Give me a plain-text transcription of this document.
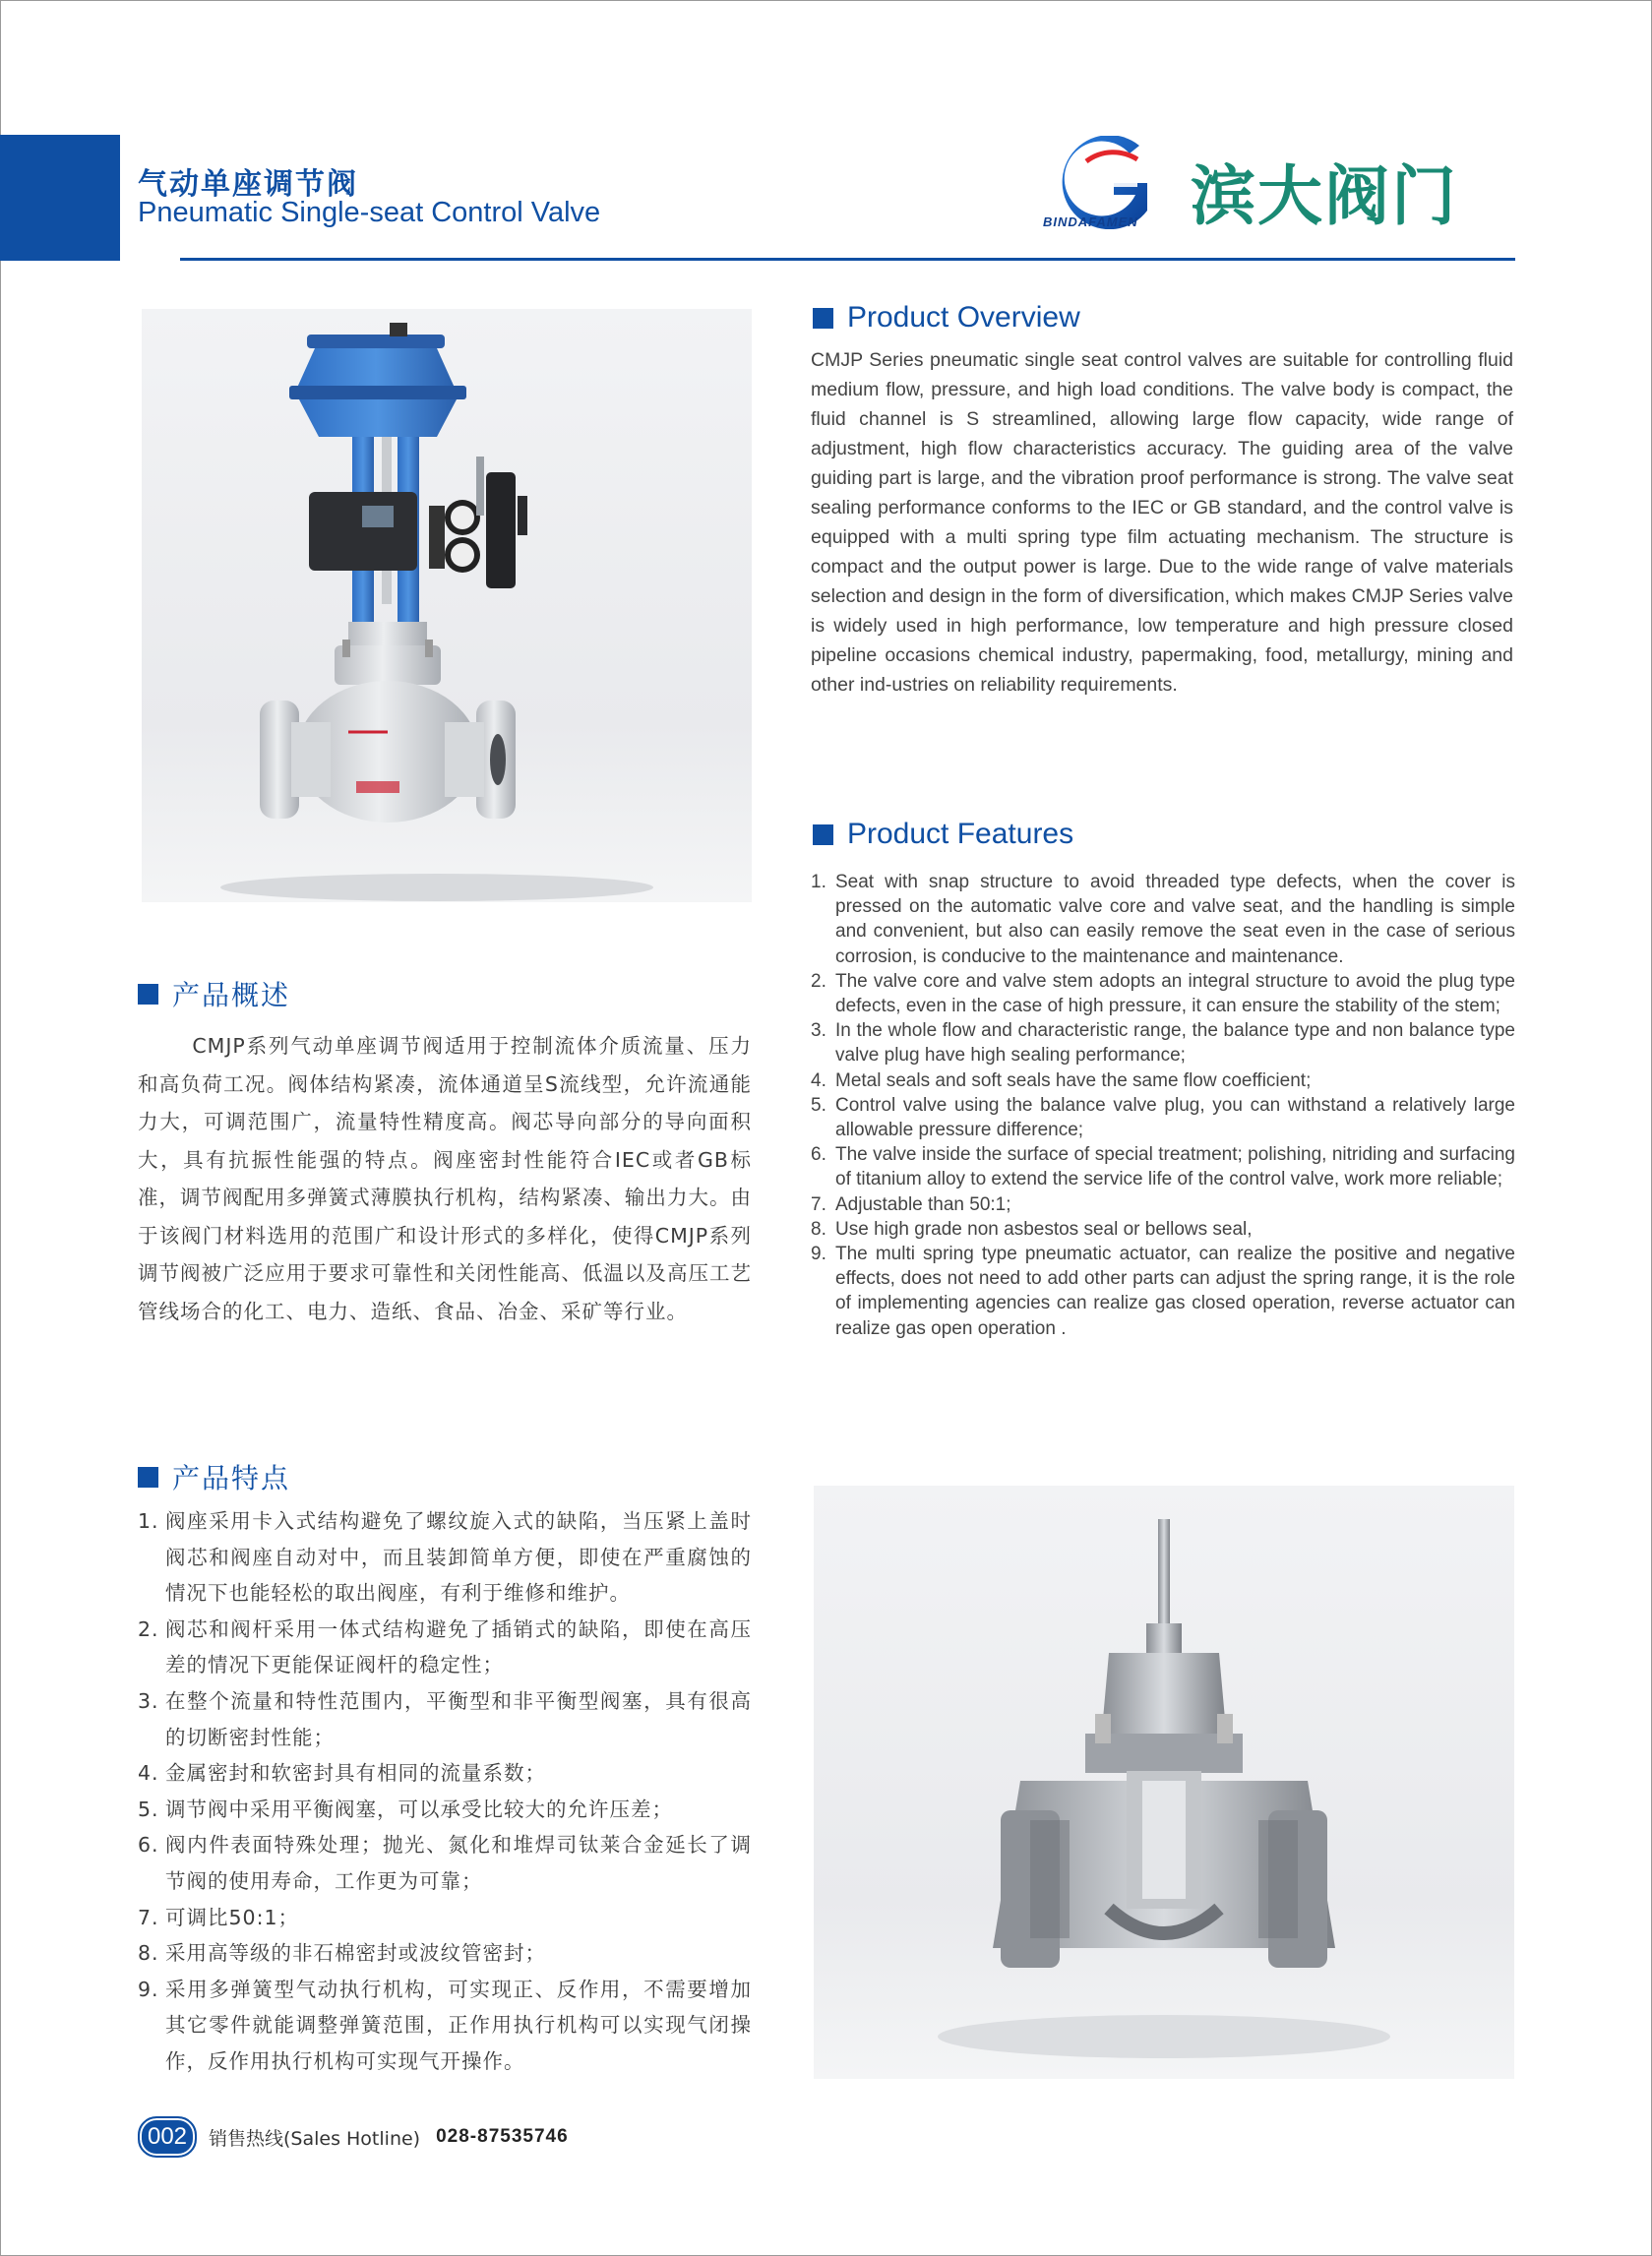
气动单座调节阀
Pneumatic Single-seat Control Valve	BINDAFAMEN 滨大阀门
Product Overview
CMJP Series pneumatic single seat control valves are suitable for controlling fluid medium flow, pressure, and high load conditions. The valve body is compact, the fluid channel is S streamlined, allowing large flow capacity, wide range of adjustment, high flow characteristics accuracy. The guiding area of the valve guiding part is large, and the vibration proof performance is strong. The valve seat sealing performance conforms to the IEC or GB standard, and the control valve is equipped with a multi spring type film actuating mechanism. The structure is compact and the output power is large. Due to the wide range of valve materials selection and design in the form of diversification, which makes CMJP Series valve is widely used in high performance, low temperature and high pressure closed pipeline occasions chemical industry, papermaking, food, metallurgy, mining and other ind-ustries on reliability requirements.
Product Features
1. Seat with snap structure to avoid threaded type defects, when the cover is pressed on the automatic valve core and valve seat, and the handling is simple and convenient, but also can easily remove the seat even in the case of serious corrosion, is conducive to the maintenance and maintenance.
2. The valve core and valve stem adopts an integral structure to avoid the plug type defects, even in the case of high pressure, it can ensure the stability of the stem;
3. In the whole flow and characteristic range, the balance type and non balance type valve plug have high sealing performance;
4. Metal seals and soft seals have the same flow coefficient;
5. Control valve using the balance valve plug, you can withstand a relatively large allowable pressure difference;
6. The valve inside the surface of special treatment; polishing, nitriding and surfacing of titanium alloy to extend the service life of the control valve, work more reliable;
7. Adjustable than 50:1;
8. Use high grade non asbestos seal or bellows seal,
9. The multi spring type pneumatic actuator, can realize the positive and negative effects, does not need to add other parts can adjust the spring range, it is the role of implementing agencies can realize gas closed operation, reverse actuator can realize gas open operation .
产品概述
CMJP系列气动单座调节阀适用于控制流体介质流量、压力和高负荷工况。阀体结构紧凑，流体通道呈S流线型，允许流通能力大，可调范围广，流量特性精度高。阀芯导向部分的导向面积大，具有抗振性能强的特点。阀座密封性能符合IEC或者GB标准，调节阀配用多弹簧式薄膜执行机构，结构紧凑、输出力大。由于该阀门材料选用的范围广和设计形式的多样化，使得CMJP系列调节阀被广泛应用于要求可靠性和关闭性能高、低温以及高压工艺管线场合的化工、电力、造纸、食品、冶金、采矿等行业。
产品特点
1. 阀座采用卡入式结构避免了螺纹旋入式的缺陷，当压紧上盖时阀芯和阀座自动对中，而且装卸简单方便，即使在严重腐蚀的情况下也能轻松的取出阀座，有利于维修和维护。
2. 阀芯和阀杆采用一体式结构避免了插销式的缺陷，即使在高压差的情况下更能保证阀杆的稳定性；
3. 在整个流量和特性范围内，平衡型和非平衡型阀塞，具有很高的切断密封性能；
4. 金属密封和软密封具有相同的流量系数；
5. 调节阀中采用平衡阀塞，可以承受比较大的允许压差；
6. 阀内件表面特殊处理；抛光、氮化和堆焊司钛莱合金延长了调节阀的使用寿命，工作更为可靠；
7. 可调比50:1；
8. 采用高等级的非石棉密封或波纹管密封；
9. 采用多弹簧型气动执行机构，可实现正、反作用，不需要增加其它零件就能调整弹簧范围，正作用执行机构可以实现气闭操作，反作用执行机构可实现气开操作。
002	销售热线(Sales Hotline) 028-87535746
